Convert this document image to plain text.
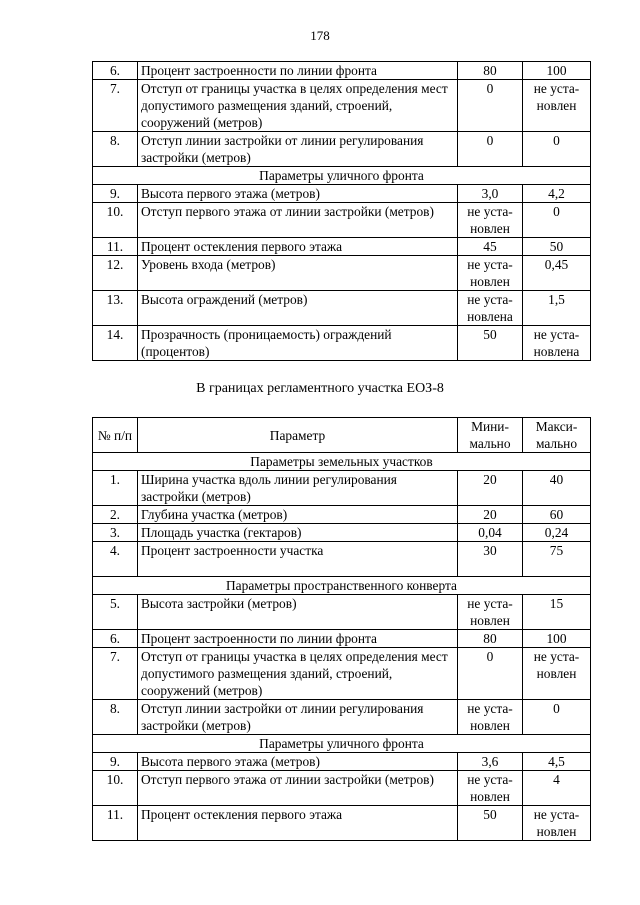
178
6.	Процент застроенности по линии фронта	80	100
7.	Отступ от границы участка в целях определения мест допустимого размещения зданий, строений, сооружений (метров)	0	не уста-новлен
8.	Отступ линии застройки от линии регулирования застройки (метров)	0	0
Параметры уличного фронта			
9.	Высота первого этажа (метров)	3,0	4,2
10.	Отступ первого этажа от линии застройки (метров)	не уста-новлен	0
11.	Процент остекления первого этажа	45	50
12.	Уровень входа (метров)	не уста-новлен	0,45
13.	Высота ограждений (метров)	не уста-новлена	1,5
14.	Прозрачность (проницаемость) ограждений (процентов)	50	не уста-новлена
В границах регламентного участка ЕОЗ-8
№ п/п	Параметр	Мини-мально	Макси-мально
Параметры земельных участков			
1.	Ширина участка вдоль линии регулирования застройки (метров)	20	40
2.	Глубина участка (метров)	20	60
3.	Площадь участка (гектаров)	0,04	0,24
4.	Процент застроенности участка	30	75
Параметры пространственного конверта			
5.	Высота застройки (метров)	не уста-новлен	15
6.	Процент застроенности по линии фронта	80	100
7.	Отступ от границы участка в целях определения мест допустимого размещения зданий, строений, сооружений (метров)	0	не уста-новлен
8.	Отступ линии застройки от линии регулирования застройки (метров)	не уста-новлен	0
Параметры уличного фронта			
9.	Высота первого этажа (метров)	3,6	4,5
10.	Отступ первого этажа от линии застройки (метров)	не уста-новлен	4
11.	Процент остекления первого этажа	50	не уста-новлен
